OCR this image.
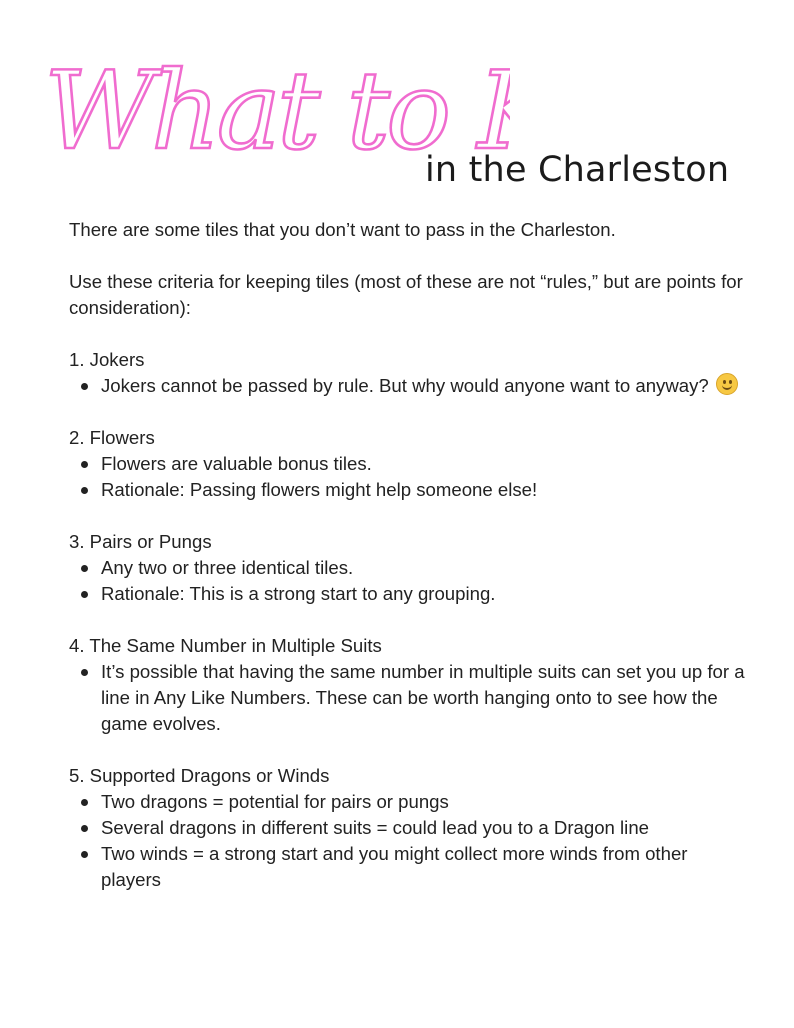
What to
in the Charleston

There are some tiles that you don’t want to pass in the Charleston.

Use these criteria for keeping tiles (most of these are not “rules,” but are points for consideration):

1. Jokers

Jokers cannot be passed by rule. But why would anyone want to anyway?

2. Flowers

Flowers are valuable bonus tiles.
Rationale: Passing flowers might help someone else!

3. Pairs or Pungs

Any two or three identical tiles.
Rationale: This is a strong start to any grouping.

4. The Same Number in Multiple Suits

It’s possible that having the same number in multiple suits can set you up for a line in Any Like Numbers. These can be worth hanging onto to see how the game evolves.

5. Supported Dragons or Winds

Two dragons = potential for pairs or pungs
Several dragons in different suits = could lead you to a Dragon line
Two winds = a strong start and you might collect more winds from other players
